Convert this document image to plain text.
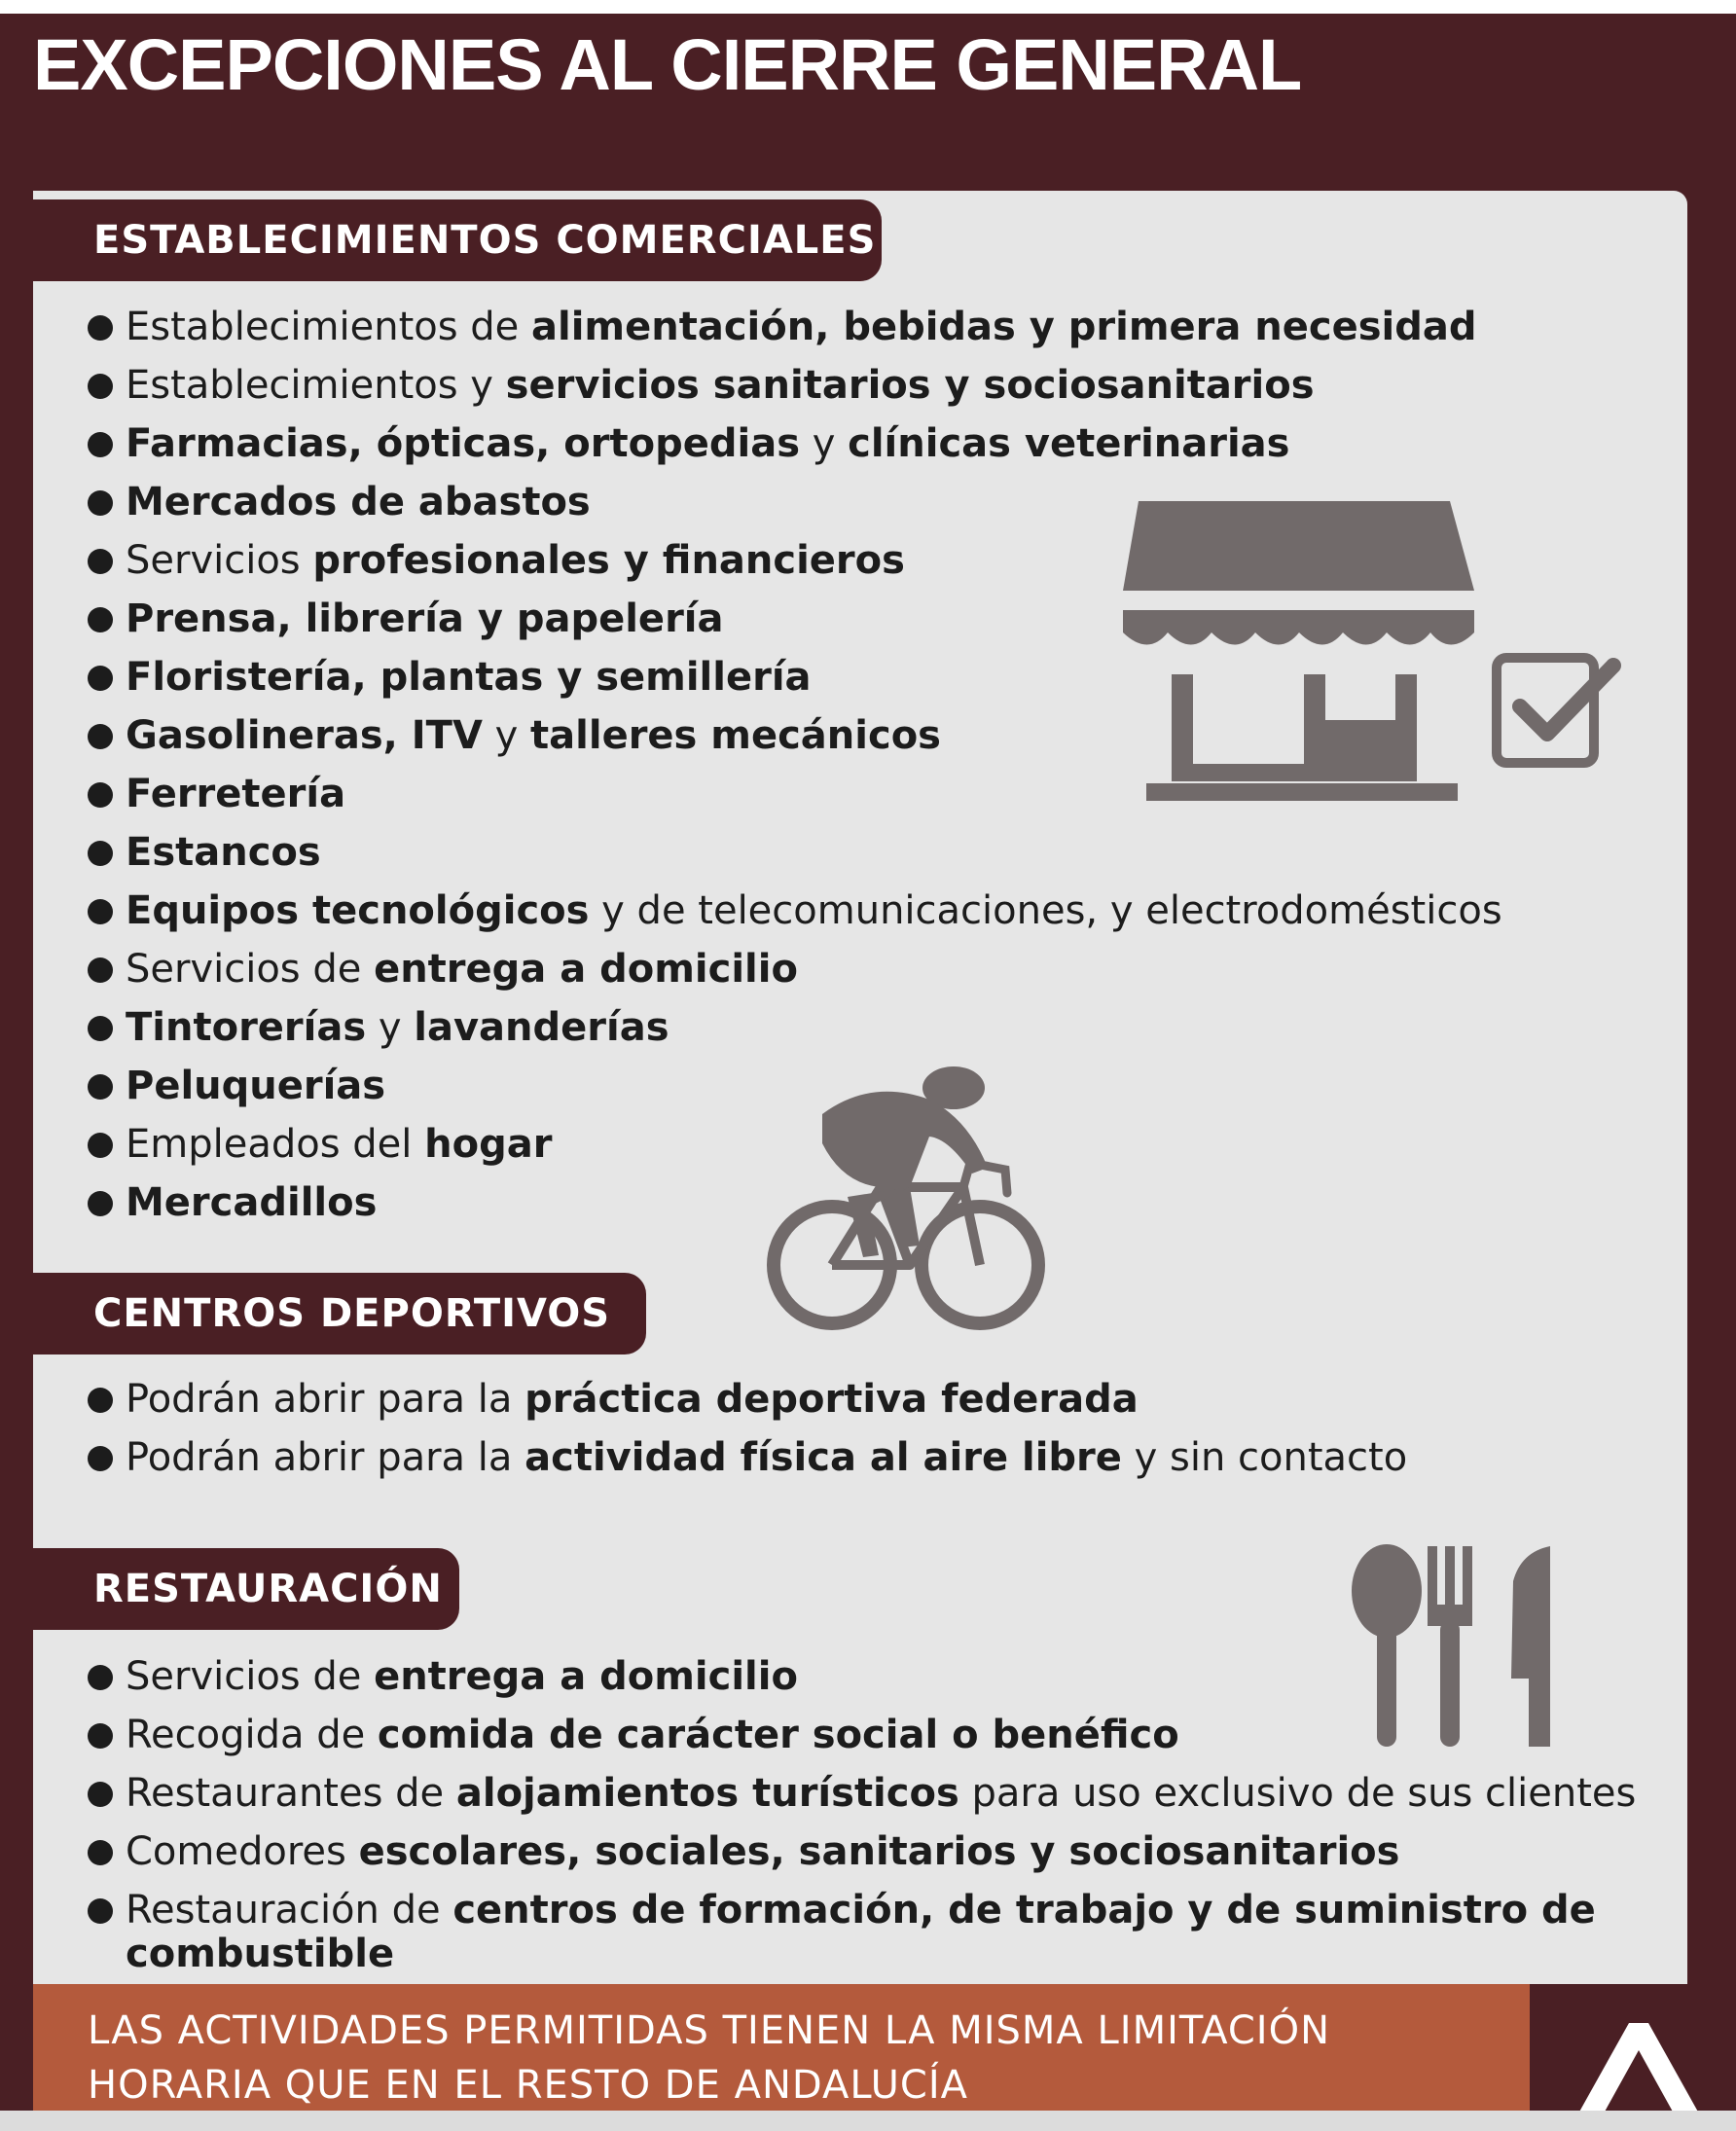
EXCEPCIONES AL CIERRE GENERAL
ESTABLECIMIENTOS COMERCIALES
CENTROS DEPORTIVOS
RESTAURACIÓN
Establecimientos de alimentación, bebidas y primera necesidad
Establecimientos y servicios sanitarios y sociosanitarios
Farmacias, ópticas, ortopedias y clínicas veterinarias
Mercados de abastos
Servicios profesionales y financieros
Prensa, librería y papelería
Floristería, plantas y semillería
Gasolineras, ITV y talleres mecánicos
Ferretería
Estancos
Equipos tecnológicos y de telecomunicaciones, y electrodomésticos
Servicios de entrega a domicilio
Tintorerías y lavanderías
Peluquerías
Empleados del hogar
Mercadillos
Podrán abrir para la práctica deportiva federada
Podrán abrir para la actividad física al aire libre y sin contacto
Servicios de entrega a domicilio
Recogida de comida de carácter social o benéfico
Restaurantes de alojamientos turísticos para uso exclusivo de sus clientes
Comedores escolares, sociales, sanitarios y sociosanitarios
Restauración de centros de formación, de trabajo y de suministro de
combustible

LAS ACTIVIDADES PERMITIDAS TIENEN LA MISMA LIMITACIÓN
HORARIA QUE EN EL RESTO DE ANDALUCÍA
